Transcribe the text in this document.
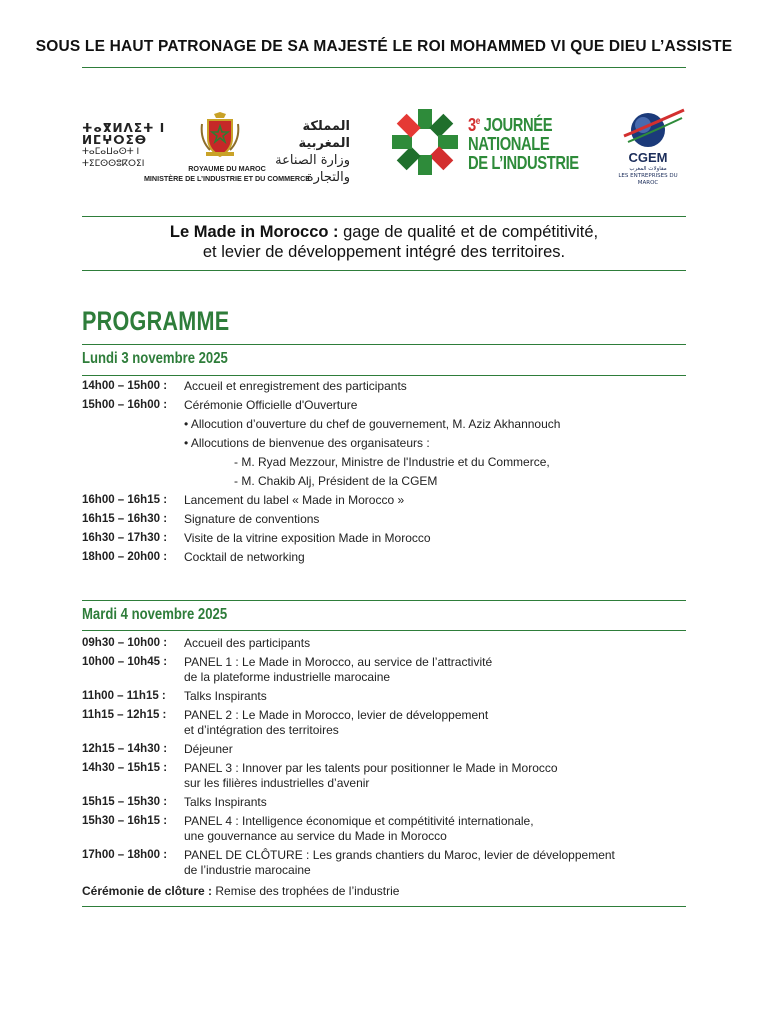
SOUS LE HAUT PATRONAGE DE SA MAJESTÉ LE ROI MOHAMMED VI QUE DIEU L’ASSISTE
ⵜⴰⴳⵍⴷⵉⵜ ⵏ ⵍⵎⵖⵔⵉⴱ
ⵜⴰⵎⴰⵡⴰⵙⵜ ⵏ ⵜⵉⵎⵙⵙⵓⴽⵔⵉⵏ
المملكة المغربية
وزارة الصناعة والتجارة
ROYAUME DU MAROC
MINISTÈRE DE L’INDUSTRIE ET DU COMMERCE
3e JOURNÉE
NATIONALE
DE L’INDUSTRIE	CGEM
مقاولات المغرب
LES ENTREPRISES DU MAROC
Le Made in Morocco : gage de qualité et de compétitivité,
et levier de développement intégré des territoires.
PROGRAMME
Lundi 3 novembre 2025
14h00 – 15h00 : Accueil et enregistrement des participants
15h00 – 16h00 : Cérémonie Officielle d'Ouverture
• Allocution d’ouverture du chef de gouvernement, M. Aziz Akhannouch
• Allocutions de bienvenue des organisateurs :
- M. Ryad Mezzour, Ministre de l'Industrie et du Commerce,
- M. Chakib Alj, Président de la CGEM
16h00 – 16h15 : Lancement du label « Made in Morocco »
16h15 – 16h30 : Signature de conventions
16h30 – 17h30 : Visite de la vitrine exposition Made in Morocco
18h00 – 20h00 : Cocktail de networking
Mardi 4 novembre 2025
09h30 – 10h00 : Accueil des participants
10h00 – 10h45 : PANEL 1 : Le Made in Morocco, au service de l’attractivité
de la plateforme industrielle marocaine
11h00 – 11h15 : Talks Inspirants
11h15 – 12h15 : PANEL 2 : Le Made in Morocco, levier de développement
et d’intégration des territoires
12h15 – 14h30 : Déjeuner
14h30 – 15h15 : PANEL 3 : Innover par les talents pour positionner le Made in Morocco
sur les filières industrielles d’avenir
15h15 – 15h30 : Talks Inspirants
15h30 – 16h15 : PANEL 4 : Intelligence économique et compétitivité internationale,
une gouvernance au service du Made in Morocco
17h00 – 18h00 : PANEL DE CLÔTURE : Les grands chantiers du Maroc, levier de développement
de l’industrie marocaine
Cérémonie de clôture : Remise des trophées de l’industrie
